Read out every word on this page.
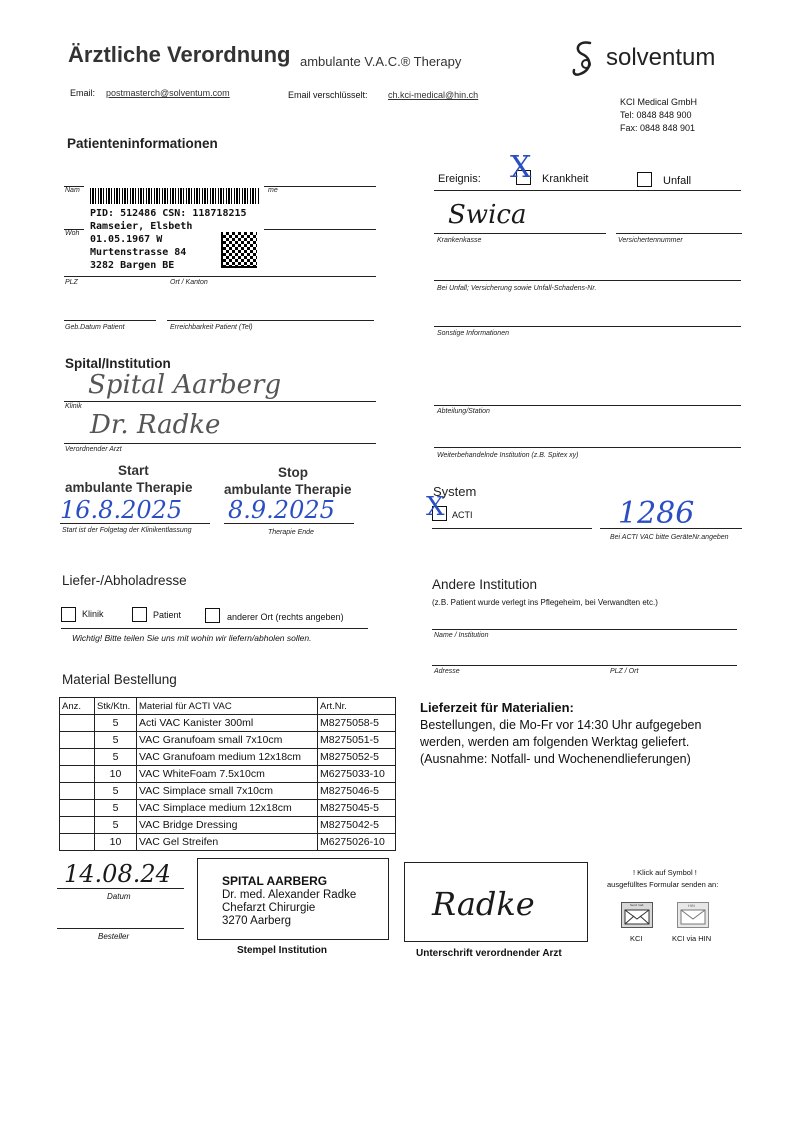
Ärztliche Verordnung ambulante V.A.C.® Therapy	solventum
Email: postmasterch@solventum.com	Email verschlüsselt: ch.kci-medical@hin.ch
KCI Medical GmbH
Tel: 0848 848 900
Fax: 0848 848 901
Patienteninformationen
Nam	me
Woh
PLZ	Ort / Kanton
Geb.Datum Patient	Erreichbarkeit Patient (Tel)
PID: 512486 CSN: 118718215
Ramseier, Elsbeth
01.05.1967 W
Murtenstrasse 84
3282 Bargen BE
Ereignis: X Krankheit	Unfall
Swica
Krankenkasse	Versichertennummer
Bei Unfall; Versicherung sowie Unfall-Schadens-Nr.
Sonstige Informationen
Spital/Institution
Spital Aarberg
Klinik
Dr. Radke
Verordnender Arzt
Abteilung/Station
Weiterbehandelnde Institution (z.B. Spitex xy)
Start
ambulante Therapie
Stop
ambulante Therapie
16.8.2025 8.9.2025
Start ist der Folgetag der Klinikentlassung	Therapie Ende
System
X ACTI	1286
Bei ACTI VAC bitte GeräteNr.angeben
Liefer-/Abholadresse
Klinik	Patient	anderer Ort (rechts angeben)
Wichtig! Bitte teilen Sie uns mit wohin wir liefern/abholen sollen.
Andere Institution
(z.B. Patient wurde verlegt ins Pflegeheim, bei Verwandten etc.)
Name / Institution
Adresse	PLZ / Ort
Material Bestellung
Anz.	Stk/Ktn.	Material für ACTI VAC	Art.Nr.
	5	Acti VAC Kanister 300ml	M8275058-5
	5	VAC Granufoam small 7x10cm	M8275051-5
	5	VAC Granufoam medium 12x18cm	M8275052-5
	10	VAC WhiteFoam 7.5x10cm	M6275033-10
	5	VAC Simplace small 7x10cm	M8275046-5
	5	VAC Simplace medium 12x18cm	M8275045-5
	5	VAC Bridge Dressing	M8275042-5
	10	VAC Gel Streifen	M6275026-10
Lieferzeit für Materialien:
Bestellungen, die Mo-Fr vor 14:30 Uhr aufgegeben
werden, werden am folgenden Werktag geliefert.
(Ausnahme: Notfall- und Wochenendlieferungen)
14.08.24
Datum
Besteller
SPITAL AARBERG
Dr. med. Alexander Radke
Chefarzt Chirurgie
3270 Aarberg
Stempel Institution
Radke
Unterschrift verordnender Arzt
! Klick auf Symbol !
ausgefülltes Formular senden an:
Send mail
KCI
HIN
KCI via HIN
